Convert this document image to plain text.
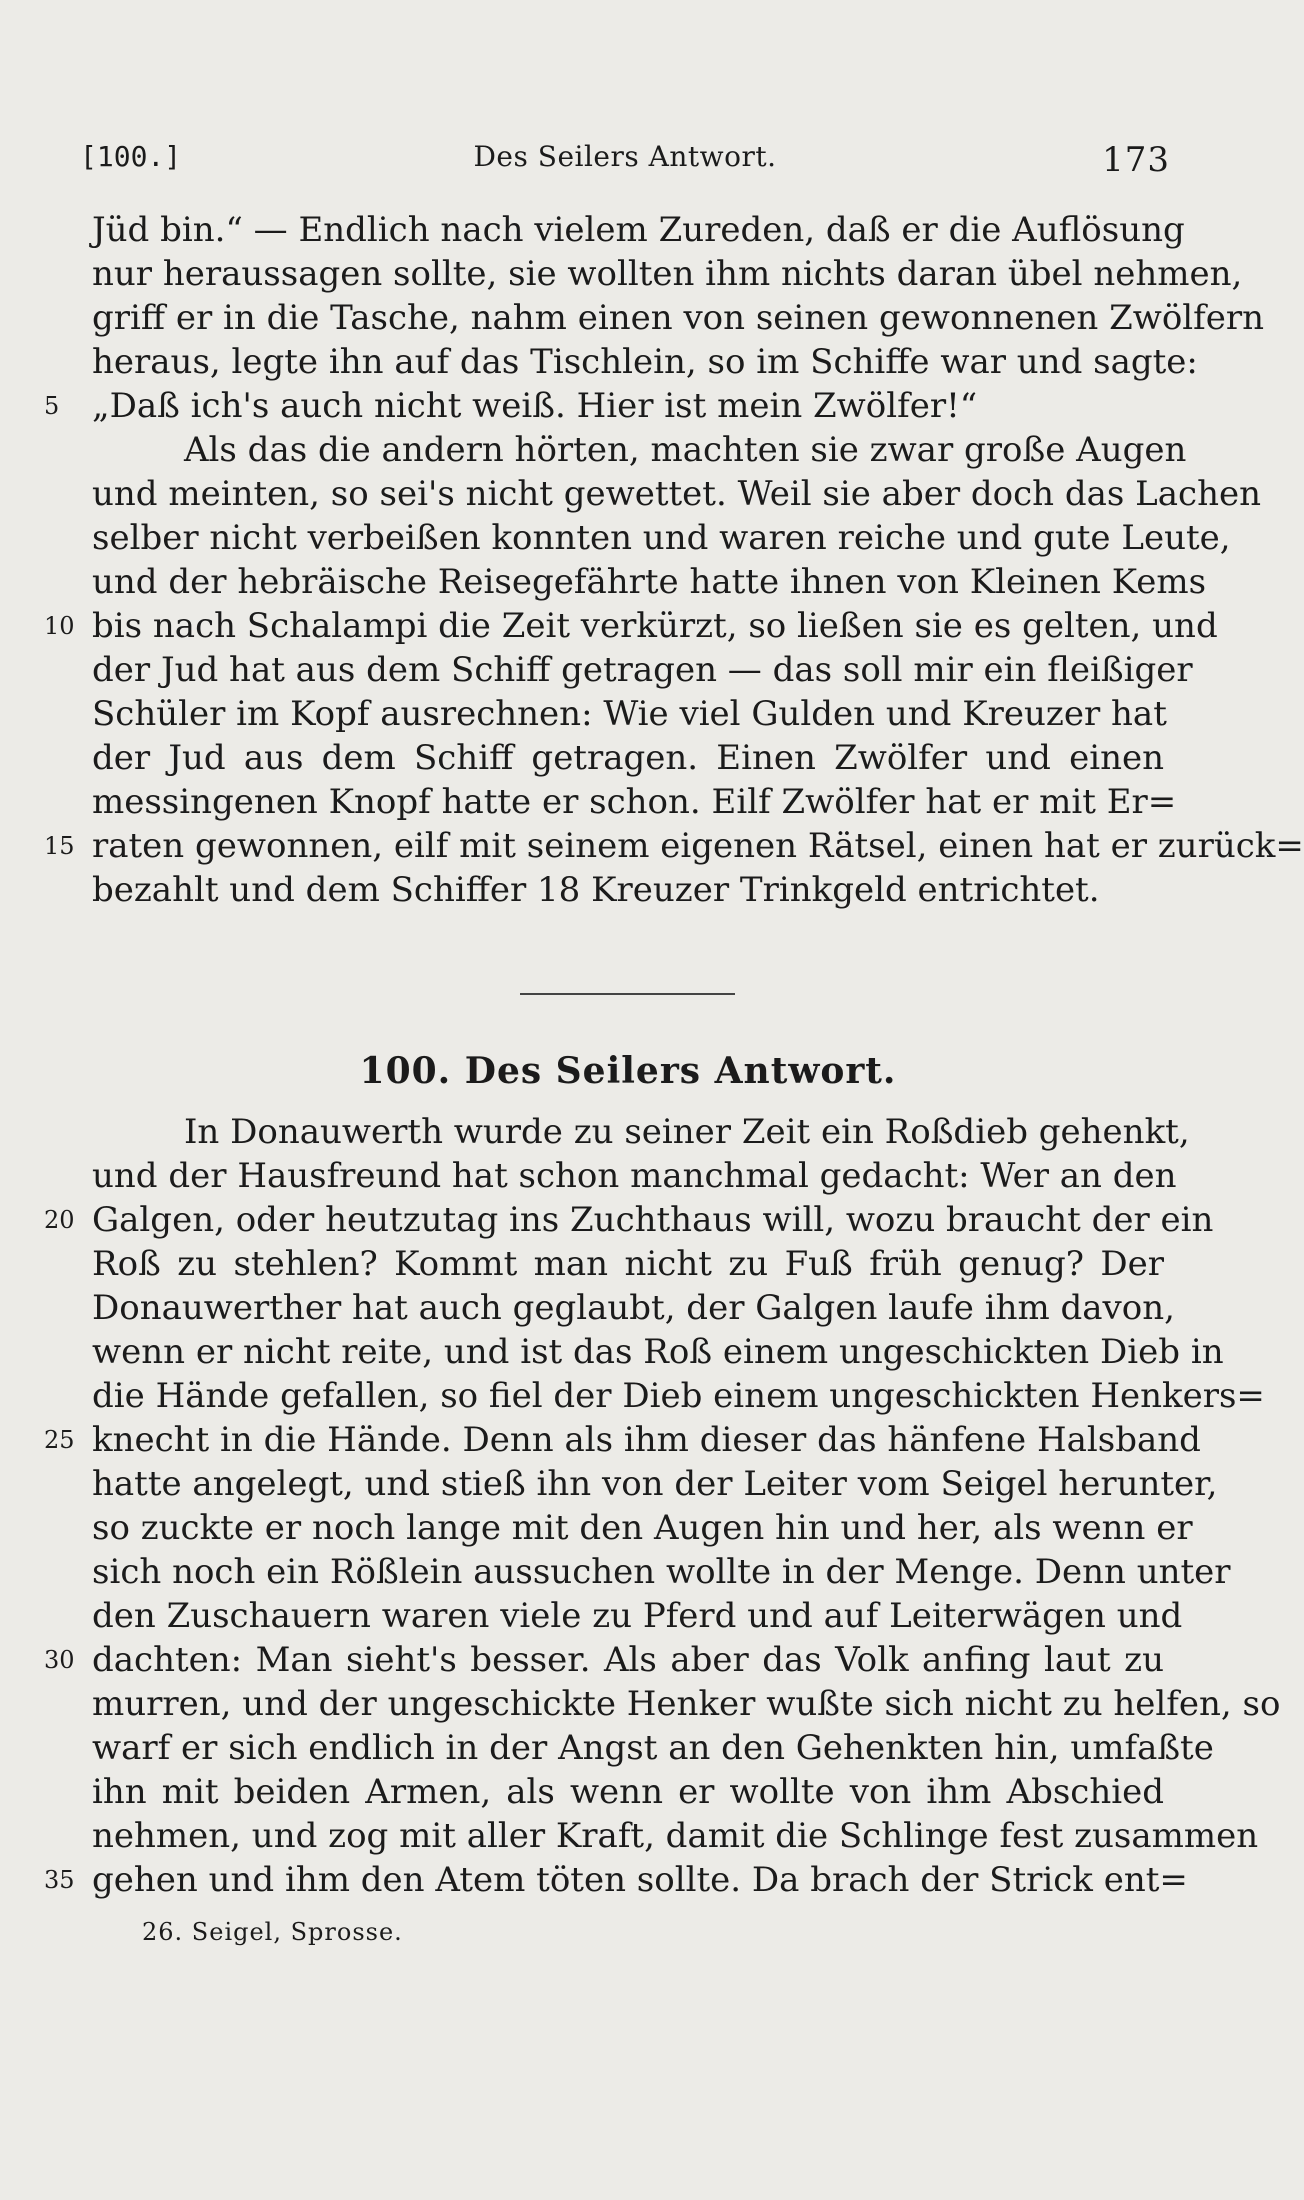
[100.]	Des Seilers Antwort.	173
Jüd bin.“ — Endlich nach vielem Zureden, daß er die Auflösung
nur heraussagen sollte, sie wollten ihm nichts daran übel nehmen,
griff er in die Tasche, nahm einen von seinen gewonnenen Zwölfern
heraus, legte ihn auf das Tischlein, so im Schiffe war und sagte:
„Daß ich's auch nicht weiß. Hier ist mein Zwölfer!“
Als das die andern hörten, machten sie zwar große Augen
und meinten, so sei's nicht gewettet. Weil sie aber doch das Lachen
selber nicht verbeißen konnten und waren reiche und gute Leute,
und der hebräische Reisegefährte hatte ihnen von Kleinen Kems
bis nach Schalampi die Zeit verkürzt, so ließen sie es gelten, und
der Jud hat aus dem Schiff getragen — das soll mir ein fleißiger
Schüler im Kopf ausrechnen: Wie viel Gulden und Kreuzer hat
der Jud aus dem Schiff getragen. Einen Zwölfer und einen
messingenen Knopf hatte er schon. Eilf Zwölfer hat er mit Er=
raten gewonnen, eilf mit seinem eigenen Rätsel, einen hat er zurück=
bezahlt und dem Schiffer 18 Kreuzer Trinkgeld entrichtet.
100. Des Seilers Antwort.
In Donauwerth wurde zu seiner Zeit ein Roßdieb gehenkt,
und der Hausfreund hat schon manchmal gedacht: Wer an den
Galgen, oder heutzutag ins Zuchthaus will, wozu braucht der ein
Roß zu stehlen? Kommt man nicht zu Fuß früh genug? Der
Donauwerther hat auch geglaubt, der Galgen laufe ihm davon,
wenn er nicht reite, und ist das Roß einem ungeschickten Dieb in
die Hände gefallen, so fiel der Dieb einem ungeschickten Henkers=
knecht in die Hände. Denn als ihm dieser das hänfene Halsband
hatte angelegt, und stieß ihn von der Leiter vom Seigel herunter,
so zuckte er noch lange mit den Augen hin und her, als wenn er
sich noch ein Rößlein aussuchen wollte in der Menge. Denn unter
den Zuschauern waren viele zu Pferd und auf Leiterwägen und
dachten: Man sieht's besser. Als aber das Volk anfing laut zu
murren, und der ungeschickte Henker wußte sich nicht zu helfen, so
warf er sich endlich in der Angst an den Gehenkten hin, umfaßte
ihn mit beiden Armen, als wenn er wollte von ihm Abschied
nehmen, und zog mit aller Kraft, damit die Schlinge fest zusammen
gehen und ihm den Atem töten sollte. Da brach der Strick ent=
5
10
15
20
25
30
35
26. Seigel, Sprosse.
